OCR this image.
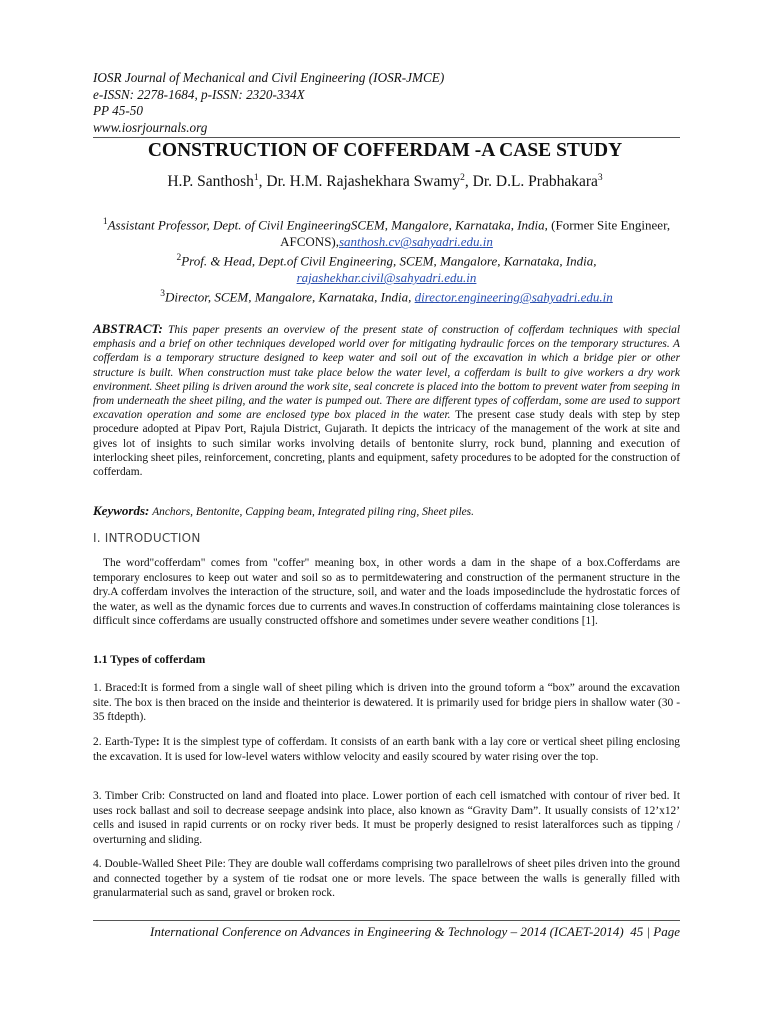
IOSR Journal of Mechanical and Civil Engineering (IOSR-JMCE)
e-ISSN: 2278-1684, p-ISSN: 2320-334X
PP 45-50
www.iosrjournals.org
CONSTRUCTION OF COFFERDAM -A CASE STUDY
H.P. Santhosh$^1$, Dr. H.M. Rajashekhara Swamy$^2$, Dr. D.L. Prabhakara$^3$
$^1$Assistant Professor, Dept. of Civil EngineeringSCEM, Mangalore, Karnataka, India, (Former Site Engineer, AFCONS),santhosh.cv@sahyadri.edu.in
$^2$Prof. & Head, Dept.of Civil Engineering, SCEM, Mangalore, Karnataka, India,
rajashekhar.civil@sahyadri.edu.in
$^3$Director, SCEM, Mangalore, Karnataka, India, director.engineering@sahyadri.edu.in
ABSTRACT: This paper presents an overview of the present state of construction of cofferdam techniques with special emphasis and a brief on other techniques developed world over for mitigating hydraulic forces on the temporary structures. A cofferdam is a temporary structure designed to keep water and soil out of the excavation in which a bridge pier or other structure is built. When construction must take place below the water level, a cofferdam is built to give workers a dry work environment. Sheet piling is driven around the work site, seal concrete is placed into the bottom to prevent water from seeping in from underneath the sheet piling, and the water is pumped out. There are different types of cofferdam, some are used to support excavation operation and some are enclosed type box placed in the water. The present case study deals with step by step procedure adopted at Pipav Port, Rajula District, Gujarath. It depicts the intricacy of the management of the work at site and gives lot of insights to such similar works involving details of bentonite slurry, rock bund, planning and execution of interlocking sheet piles, reinforcement, concreting, plants and equipment, safety procedures to be adopted for the construction of cofferdam.
Keywords: Anchors, Bentonite, Capping beam, Integrated piling ring, Sheet piles.
I. INTRODUCTION
The word"cofferdam" comes from "coffer" meaning box, in other words a dam in the shape of a box.Cofferdams are temporary enclosures to keep out water and soil so as to permitdewatering and construction of the permanent structure in the dry.A cofferdam involves the interaction of the structure, soil, and water and the loads imposedinclude the hydrostatic forces of the water, as well as the dynamic forces due to currents and waves.In construction of cofferdams maintaining close tolerances is difficult since cofferdams are usually constructed offshore and sometimes under severe weather conditions [1].
1.1 Types of cofferdam
1. Braced:It is formed from a single wall of sheet piling which is driven into the ground toform a “box” around the excavation site. The box is then braced on the inside and theinterior is dewatered. It is primarily used for bridge piers in shallow water (30 - 35 ftdepth).
2. Earth-Type: It is the simplest type of cofferdam. It consists of an earth bank with a lay core or vertical sheet piling enclosing the excavation. It is used for low-level waters withlow velocity and easily scoured by water rising over the top.
3. Timber Crib: Constructed on land and floated into place. Lower portion of each cell ismatched with contour of river bed. It uses rock ballast and soil to decrease seepage andsink into place, also known as “Gravity Dam”. It usually consists of 12’x12’ cells and isused in rapid currents or on rocky river beds. It must be properly designed to resist lateralforces such as tipping / overturning and sliding.
4. Double-Walled Sheet Pile: They are double wall cofferdams comprising two parallelrows of sheet piles driven into the ground and connected together by a system of tie rodsat one or more levels. The space between the walls is generally filled with granularmaterial such as sand, gravel or broken rock.
International Conference on Advances in Engineering & Technology – 2014 (ICAET-2014) 45 | Page
